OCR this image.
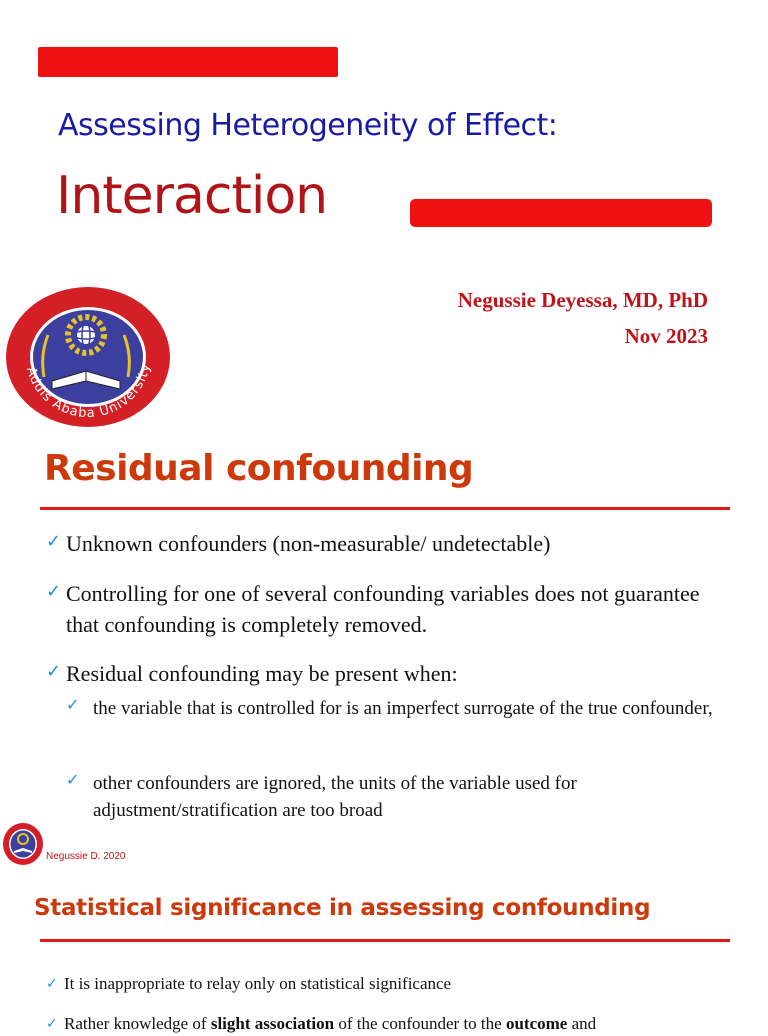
Assessing Heterogeneity of Effect:
Interaction
Negussie Deyessa, MD, PhD
Nov 2023
Addis Ababa University
Residual confounding
✓ Unknown confounders (non-measurable/ undetectable)
✓ Controlling for one of several confounding variables does not guarantee that confounding is completely removed.
✓ Residual confounding may be present when:
✓ the variable that is controlled for is an imperfect surrogate of the true confounder,
✓ other confounders are ignored, the units of the variable used for adjustment/stratification are too broad
Negussie D. 2020
Statistical significance in assessing confounding
✓ It is inappropriate to relay only on statistical significance
✓ Rather knowledge of slight association of the confounder to the outcome and
